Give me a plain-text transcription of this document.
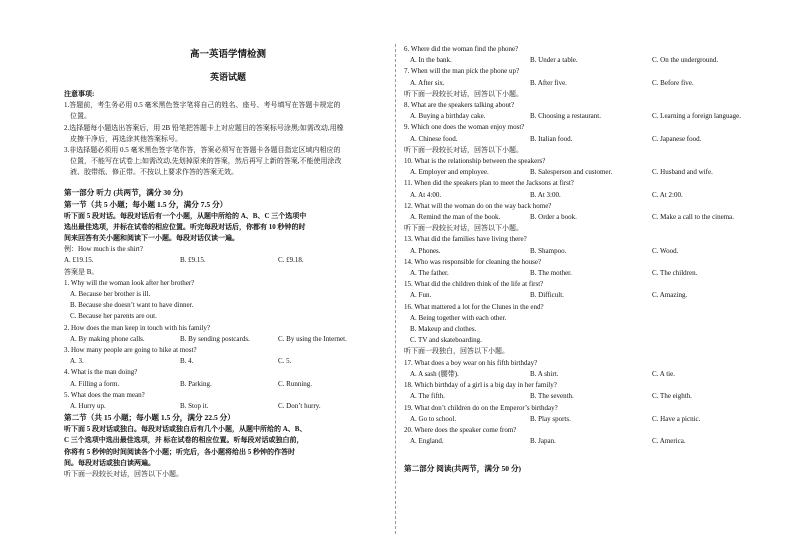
高一英语学情检测
英语试题
注意事项:
1.答题前，考生务必用 0.5 毫米黑色签字笔将自己的姓名、座号、考号填写在答题卡规定的
位置。
2.选择题每小题选出答案后，用 2B 铅笔把答题卡上对应题目的答案标号涂黑;如需改动,用橡
皮擦干净后，再选涂其他答案标号。
3.非选择题必须用 0.5 毫米黑色签字笔作答，答案必须写在答题卡各题目指定区域内相应的
位置，不能写在试卷上;如需改动,先划掉原来的答案，然后再写上新的答案,不能使用涂改
液、胶带纸、修正带。不按以上要求作答的答案无效。
第一部分 听力 (共两节，满分 30 分)
第一节（共 5 小题；每小题 1.5 分，满分 7.5 分）
听下面 5 段对话。每段对话后有一个小题，从题中所给的 A、B、C 三个选项中
选出最佳选项，并标在试卷的相应位置。听完每段对话后，你都有 10 秒钟的时
间来回答有关小题和阅读下一小题。每段对话仅读一遍。
例：How much is the shirt?
A. £19.15.	B. £9.15.	C. £9.18.
答案是 B。
1. Why will the woman look after her brother?
A. Because her brother is ill.
B. Because she doesn’t want to have dinner.
C. Because her parents are out.
2. How does the man keep in touch with his family?
A. By making phone calls.	B. By sending postcards.	C. By using the Internet.
3. How many people are going to hike at most?
A. 3.	B. 4.	C. 5.
4. What is the man doing?
A. Filling a form.	B. Parking.	C. Running.
5. What does the man mean?
A. Hurry up.	B. Stop it.	C. Don’t hurry.
第二节（共 15 小题；每小题 1.5 分，满分 22.5 分）
听下面 5 段对话或独白。每段对话或独白后有几个小题，从题中所给的 A、B、
C 三个选项中选出最佳选项，并 标在试卷的相应位置。听每段对话或独白前，
你将有 5 秒钟的时间阅读各个小题；听完后，各小题将给出 5 秒钟的作答时
间。每段对话或独白读两遍。
听下面一段较长对话，回答以下小题。
6. Where did the woman find the phone?
A. In the bank.	B. Under a table.	C. On the underground.
7. When will the man pick the phone up?
A. After six.	B. After five.	C. Before five.
听下面一段较长对话，回答以下小题。
8. What are the speakers talking about?
A. Buying a birthday cake.	B. Choosing a restaurant.	C. Learning a foreign language.
9. Which one does the woman enjoy most?
A. Chinese food.	B. Italian food.	C. Japanese food.
听下面一段较长对话，回答以下小题。
10. What is the relationship between the speakers?
A. Employer and employee.	B. Salesperson and customer.	C. Husband and wife.
11. When did the speakers plan to meet the Jacksons at first?
A. At 4:00.	B. At 3:00.	C. At 2:00.
12. What will the woman do on the way back home?
A. Remind the man of the book.	B. Order a book.	C. Make a call to the cinema.
听下面一段较长对话，回答以下小题。
13. What did the families have living there?
A. Phones.	B. Shampoo.	C. Wood.
14. Who was responsible for cleaning the house?
A. The father.	B. The mother.	C. The children.
15. What did the children think of the life at first?
A. Fun.	B. Difficult.	C. Amazing.
16. What mattered a lot for the Clunes in the end?
A. Being together with each other.
B. Makeup and clothes.
C. TV and skateboarding.
听下面一段独白，回答以下小题。
17. What does a boy wear on his fifth birthday?
A. A sash (腰带).	B. A shirt.	C. A tie.
18. Which birthday of a girl is a big day in her family?
A. The fifth.	B. The seventh.	C. The eighth.
19. What don’t children do on the Emperor’s birthday?
A. Go to school.	B. Play sports.	C. Have a picnic.
20. Where does the speaker come from?
A. England.	B. Japan.	C. America.
第二部分 阅读(共两节，满分 50 分)
